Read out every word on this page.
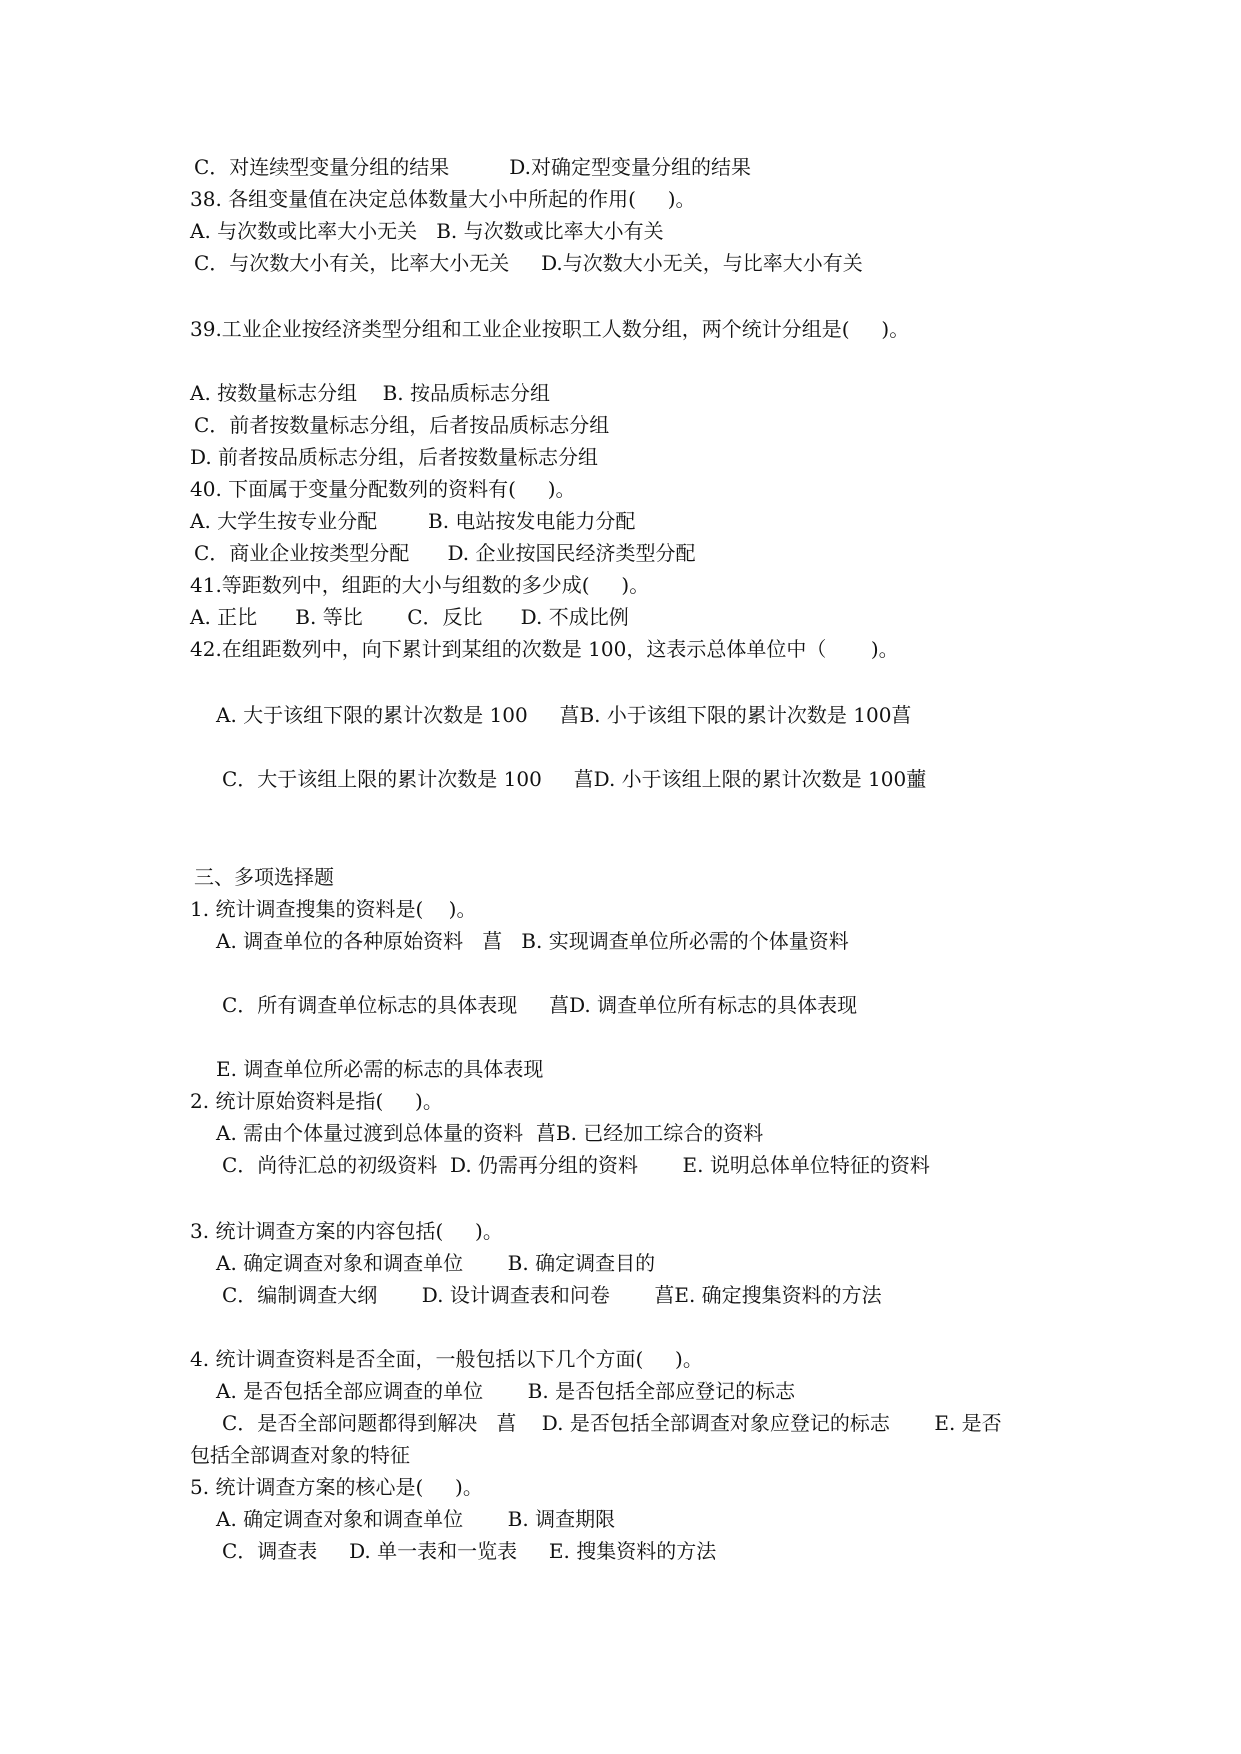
C．对连续型变量分组的结果　　　D.对确定型变量分组的结果
38. 各组变量值在决定总体数量大小中所起的作用(     )。
A. 与次数或比率大小无关   B. 与次数或比率大小有关
C．与次数大小有关，比率大小无关     D.与次数大小无关，与比率大小有关
39.工业企业按经济类型分组和工业企业按职工人数分组，两个统计分组是(     )。
A. 按数量标志分组    B. 按品质标志分组
C．前者按数量标志分组，后者按品质标志分组
D. 前者按品质标志分组，后者按数量标志分组
40. 下面属于变量分配数列的资料有(     )。
A. 大学生按专业分配        B. 电站按发电能力分配
C．商业企业按类型分配      D. 企业按国民经济类型分配
41.等距数列中，组距的大小与组数的多少成(     )。
A. 正比      B. 等比       C．反比      D. 不成比例
42.在组距数列中，向下累计到某组的次数是 100，这表示总体单位中（       )。
A. 大于该组下限的累计次数是 100     菖B. 小于该组下限的累计次数是 100菖
C．大于该组上限的累计次数是 100     菖D. 小于该组上限的累计次数是 100蘁
三、多项选择题
1. 统计调查搜集的资料是(    )。
A. 调查单位的各种原始资料   菖   B. 实现调查单位所必需的个体量资料
C．所有调查单位标志的具体表现     菖D. 调查单位所有标志的具体表现
E. 调查单位所必需的标志的具体表现
2. 统计原始资料是指(     )。
A. 需由个体量过渡到总体量的资料  菖B. 已经加工综合的资料
C．尚待汇总的初级资料  D. 仍需再分组的资料       E. 说明总体单位特征的资料
3. 统计调查方案的内容包括(     )。
A. 确定调查对象和调查单位       B. 确定调查目的
C．编制调查大纲       D. 设计调查表和问卷       菖E. 确定搜集资料的方法
4. 统计调查资料是否全面，一般包括以下几个方面(     )。
A. 是否包括全部应调查的单位       B. 是否包括全部应登记的标志
C．是否全部问题都得到解决   菖    D. 是否包括全部调查对象应登记的标志       E. 是否
包括全部调查对象的特征
5. 统计调查方案的核心是(     )。
A. 确定调查对象和调查单位       B. 调查期限
C．调查表     D. 单一表和一览表     E. 搜集资料的方法
